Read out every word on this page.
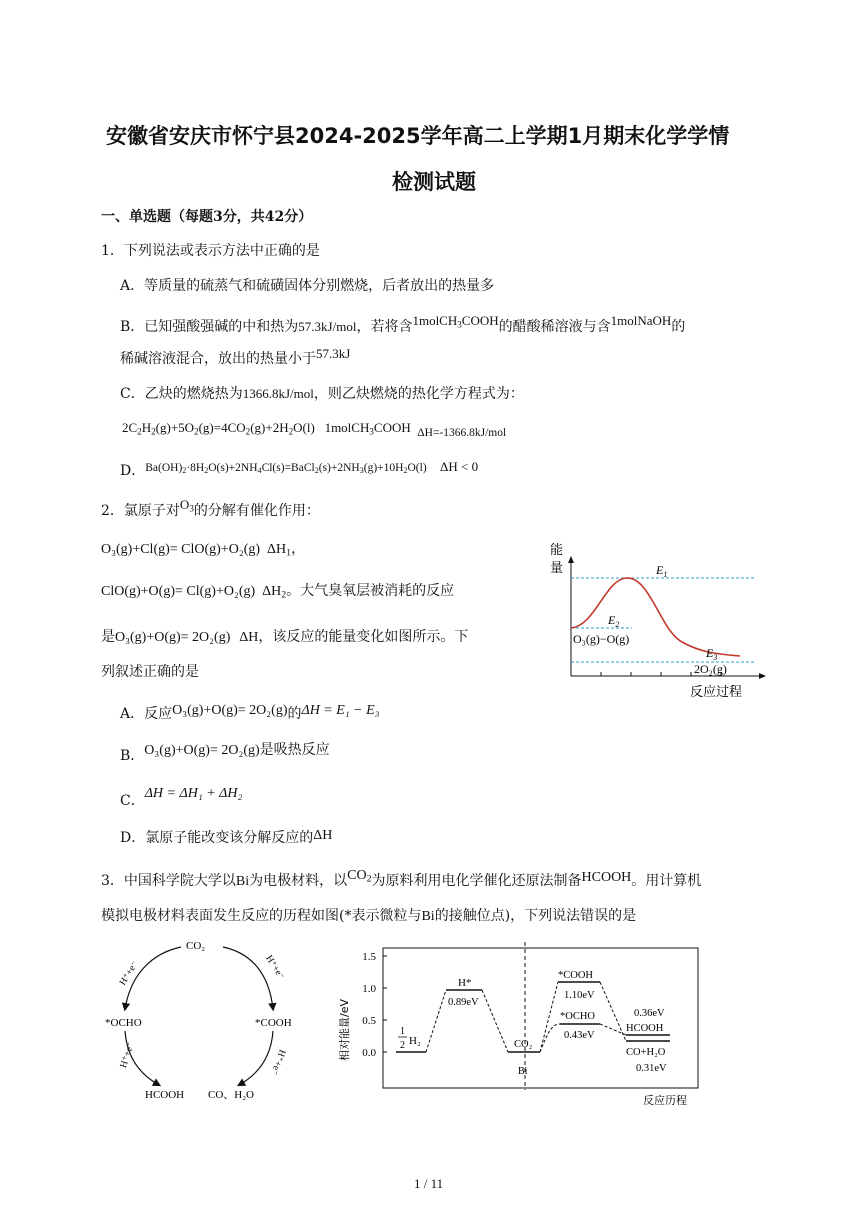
安徽省安庆市怀宁县2024-2025学年高二上学期1月期末化学学情
检测试题
一、单选题（每题3分，共42分）
1．下列说法或表示方法中正确的是
A．等质量的硫蒸气和硫磺固体分别燃烧，后者放出的热量多
B．已知强酸强碱的中和热为57.3kJ/mol，若将含1molCH$_3$COOH的醋酸稀溶液与含1molNaOH的
稀碱溶液混合，放出的热量小于57.3kJ
C．乙炔的燃烧热为1366.8kJ/mol，则乙炔燃烧的热化学方程式为：
$2C_2H_2(g)+5O_2(g)=4CO_2(g)+2H_2O(l)$ 1molCH$_3$COOH ΔH=-1366.8kJ/mol
D．$^{Ba(OH)_2\cdot 8H_2O(s)+2NH_4Cl(s)=BaCl_2(s)+2NH_3(g)+10H_2O(l)}$ ΔH < 0
2．氯原子对$O_3$的分解有催化作用：
O₃(g)+Cl(g)= ClO(g)+O₂(g) $\Delta H_1$，
ClO(g)+O(g)= Cl(g)+O₂(g) $\Delta H_2$。大气臭氧层被消耗的反应
是O₃(g)+O(g)= 2O₂(g) ΔH，该反应的能量变化如图所示。下
列叙述正确的是
A．反应O₃(g)+O(g)= 2O₂(g)的ΔH = E₁ − E₃
B．O₃(g)+O(g)= 2O₂(g)是吸热反应
C．ΔH = ΔH₁ + ΔH₂
D．氯原子能改变该分解反应的ΔH
能
量	$E_1$
$E_2$
$E_3$
O₃(g)−O(g)
2O₂(g)
反应过程
3．中国科学院大学以Bi为电极材料，以$CO_2$为原料利用电化学催化还原法制备HCOOH。用计算机
模拟电极材料表面发生反应的历程如图(*表示微粒与Bi的接触位点)，下列说法错误的是
CO₂
*OCHO	*COOH
HCOOH CO、H₂O
H⁺+e⁻	H⁺+e⁻
H⁺+e⁻	H⁺+e⁻
相对能量/eV
1.5
1.0
0.5
0.0
1
2 H₂
H*
0.89eV
CO₂
Bi
*COOH
1.10eV
*OCHO
0.43eV
0.36eV
HCOOH
CO+H₂O
0.31eV
反应历程
1 / 11
